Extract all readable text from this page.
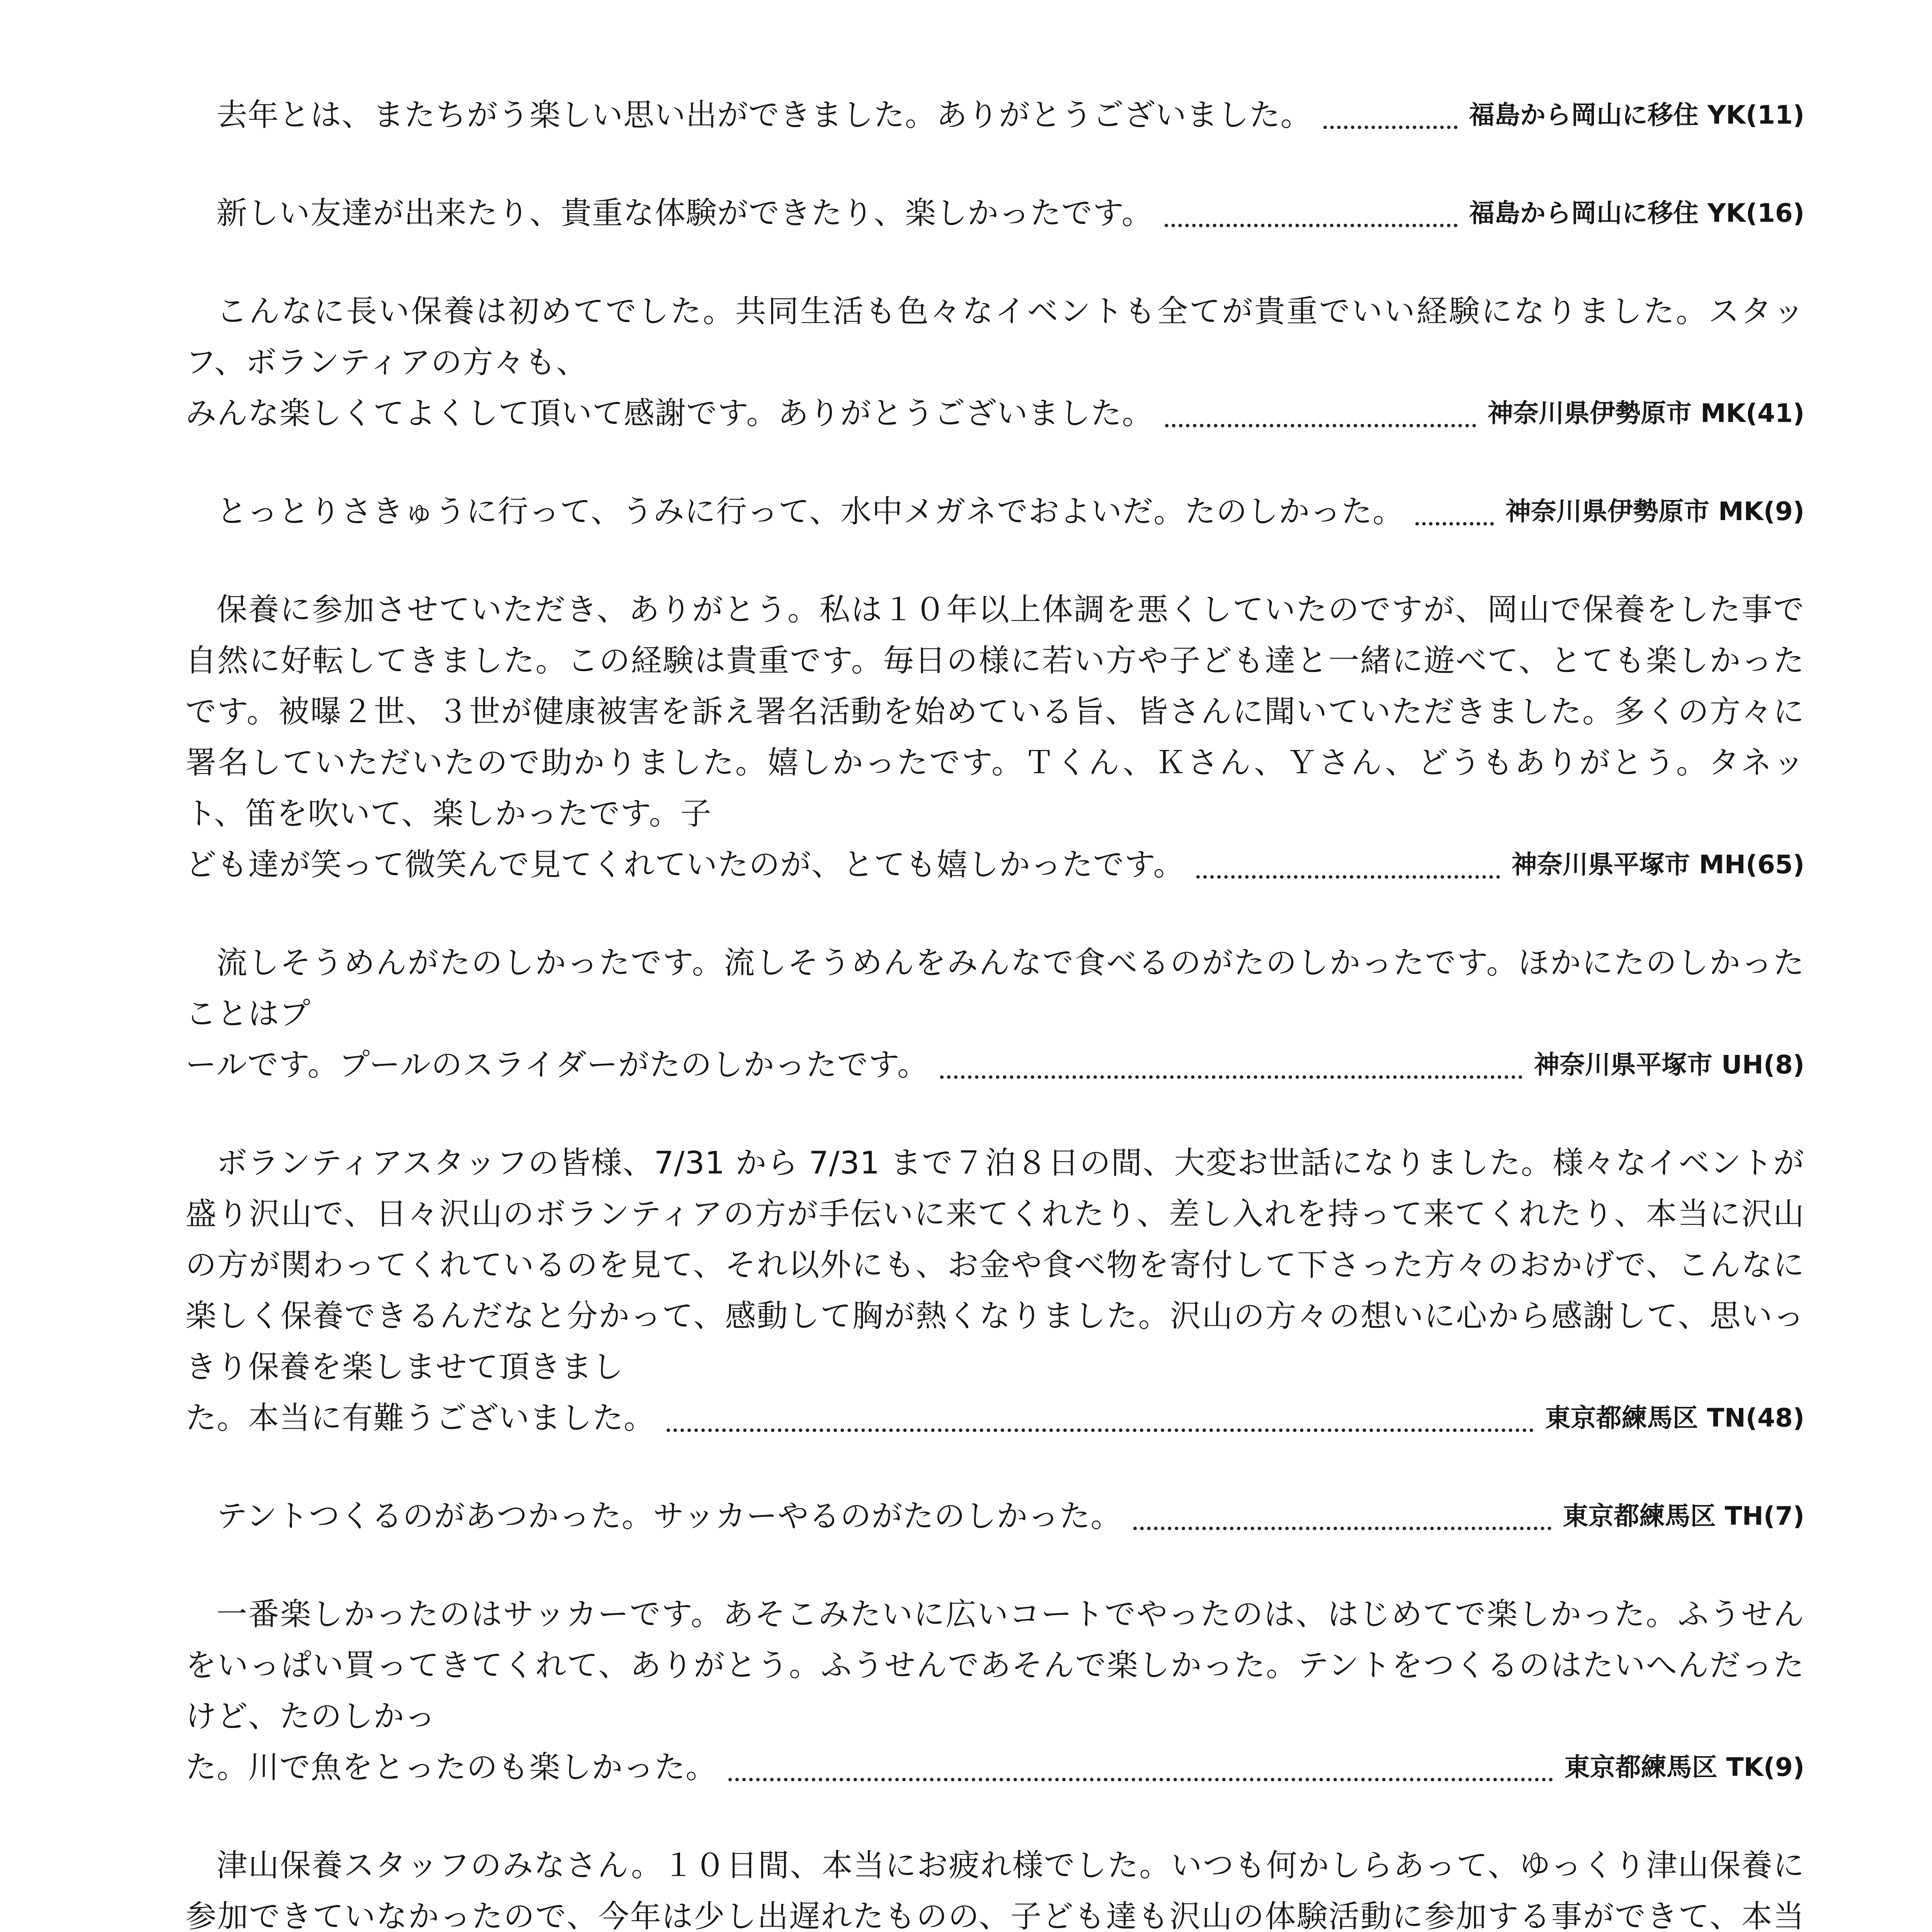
去年とは、またちがう楽しい思い出ができました。ありがとうございました。	福島から岡山に移住 YK(11)
新しい友達が出来たり、貴重な体験ができたり、楽しかったです。	福島から岡山に移住 YK(16)

こんなに長い保養は初めてでした。共同生活も色々なイベントも全てが貴重でいい経験になりました。スタッフ、ボランティアの方々も、

みんな楽しくてよくして頂いて感謝です。ありがとうございました。	神奈川県伊勢原市 MK(41)
とっとりさきゅうに行って、うみに行って、水中メガネでおよいだ。たのしかった。	神奈川県伊勢原市 MK(9)

保養に参加させていただき、ありがとう。私は１０年以上体調を悪くしていたのですが、岡山で保養をした事で自然に好転してきました。この経験は貴重です。毎日の様に若い方や子ども達と一緒に遊べて、とても楽しかったです。被曝２世、３世が健康被害を訴え署名活動を始めている旨、皆さんに聞いていただきました。多くの方々に署名していただいたので助かりました。嬉しかったです。Ｔくん、Ｋさん、Ｙさん、どうもありがとう。タネット、笛を吹いて、楽しかったです。子

ども達が笑って微笑んで見てくれていたのが、とても嬉しかったです。	神奈川県平塚市 MH(65)

流しそうめんがたのしかったです。流しそうめんをみんなで食べるのがたのしかったです。ほかにたのしかったことはプ

ールです。プールのスライダーがたのしかったです。	神奈川県平塚市 UH(8)

ボランティアスタッフの皆様、7/31 から 7/31 まで７泊８日の間、大変お世話になりました。様々なイベントが盛り沢山で、日々沢山のボランティアの方が手伝いに来てくれたり、差し入れを持って来てくれたり、本当に沢山の方が関わってくれているのを見て、それ以外にも、お金や食べ物を寄付して下さった方々のおかげで、こんなに楽しく保養できるんだなと分かって、感動して胸が熱くなりました。沢山の方々の想いに心から感謝して、思いっきり保養を楽しませて頂きまし

た。本当に有難うございました。	東京都練馬区 TN(48)
テントつくるのがあつかった。サッカーやるのがたのしかった。	東京都練馬区 TH(7)

一番楽しかったのはサッカーです。あそこみたいに広いコートでやったのは、はじめてで楽しかった。ふうせんをいっぱい買ってきてくれて、ありがとう。ふうせんであそんで楽しかった。テントをつくるのはたいへんだったけど、たのしかっ

た。川で魚をとったのも楽しかった。	東京都練馬区 TK(9)

津山保養スタッフのみなさん。１０日間、本当にお疲れ様でした。いつも何かしらあって、ゆっくり津山保養に参加できていなかったので、今年は少し出遅れたものの、子ども達も沢山の体験活動に参加する事ができて、本当
